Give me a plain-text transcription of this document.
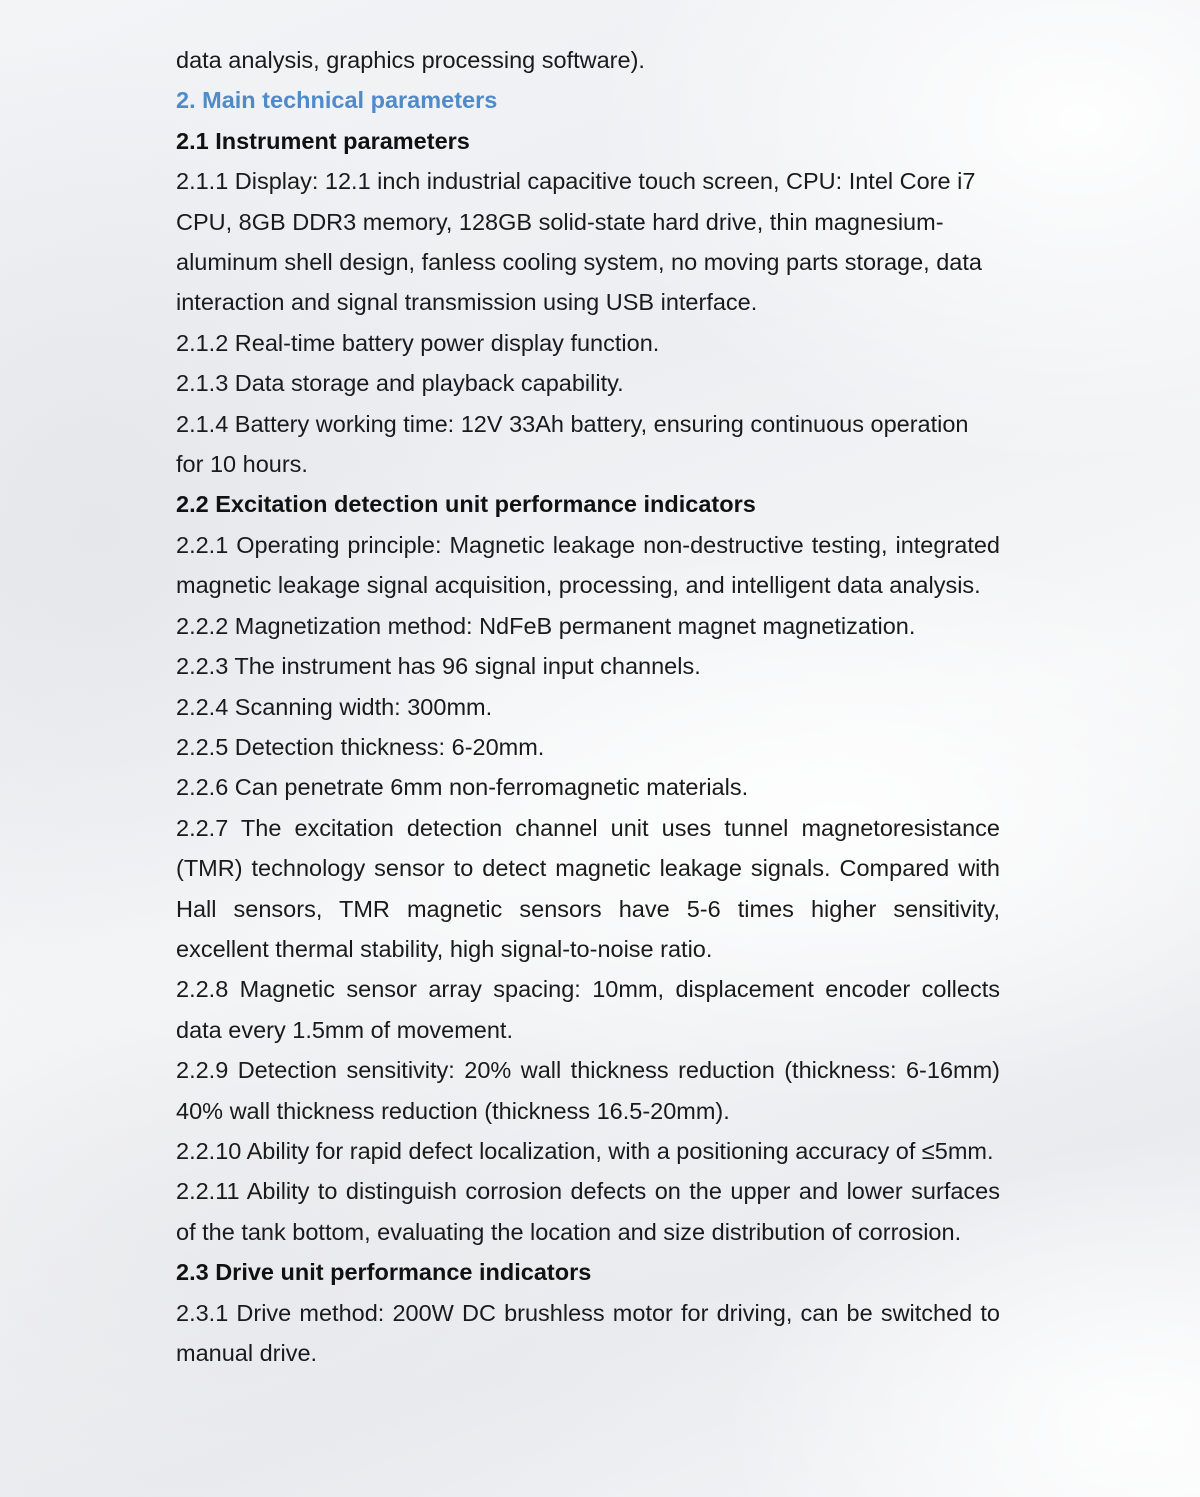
data analysis, graphics processing software).

2. Main technical parameters

2.1 Instrument parameters

2.1.1 Display: 12.1 inch industrial capacitive touch screen, CPU: Intel Core i7 CPU, 8GB DDR3 memory, 128GB solid-state hard drive, thin magnesium-aluminum shell design, fanless cooling system, no moving parts storage, data interaction and signal transmission using USB interface.

2.1.2 Real-time battery power display function.

2.1.3 Data storage and playback capability.

2.1.4 Battery working time: 12V 33Ah battery, ensuring continuous operation for 10 hours.

2.2 Excitation detection unit performance indicators

2.2.1 Operating principle: Magnetic leakage non-destructive testing, integrated magnetic leakage signal acquisition, processing, and intelligent data analysis.

2.2.2 Magnetization method: NdFeB permanent magnet magnetization.

2.2.3 The instrument has 96 signal input channels.

2.2.4 Scanning width: 300mm.

2.2.5 Detection thickness: 6-20mm.

2.2.6 Can penetrate 6mm non-ferromagnetic materials.

2.2.7 The excitation detection channel unit uses tunnel magnetoresistance (TMR) technology sensor to detect magnetic leakage signals. Compared with Hall sensors, TMR magnetic sensors have 5-6 times higher sensitivity, excellent thermal stability, high signal-to-noise ratio.

2.2.8 Magnetic sensor array spacing: 10mm, displacement encoder collects data every 1.5mm of movement.

2.2.9 Detection sensitivity: 20% wall thickness reduction (thickness: 6-16mm) 40% wall thickness reduction (thickness 16.5-20mm).

2.2.10 Ability for rapid defect localization, with a positioning accuracy of ≤5mm.

2.2.11 Ability to distinguish corrosion defects on the upper and lower surfaces of the tank bottom, evaluating the location and size distribution of corrosion.

2.3 Drive unit performance indicators

2.3.1 Drive method: 200W DC brushless motor for driving, can be switched to manual drive.
